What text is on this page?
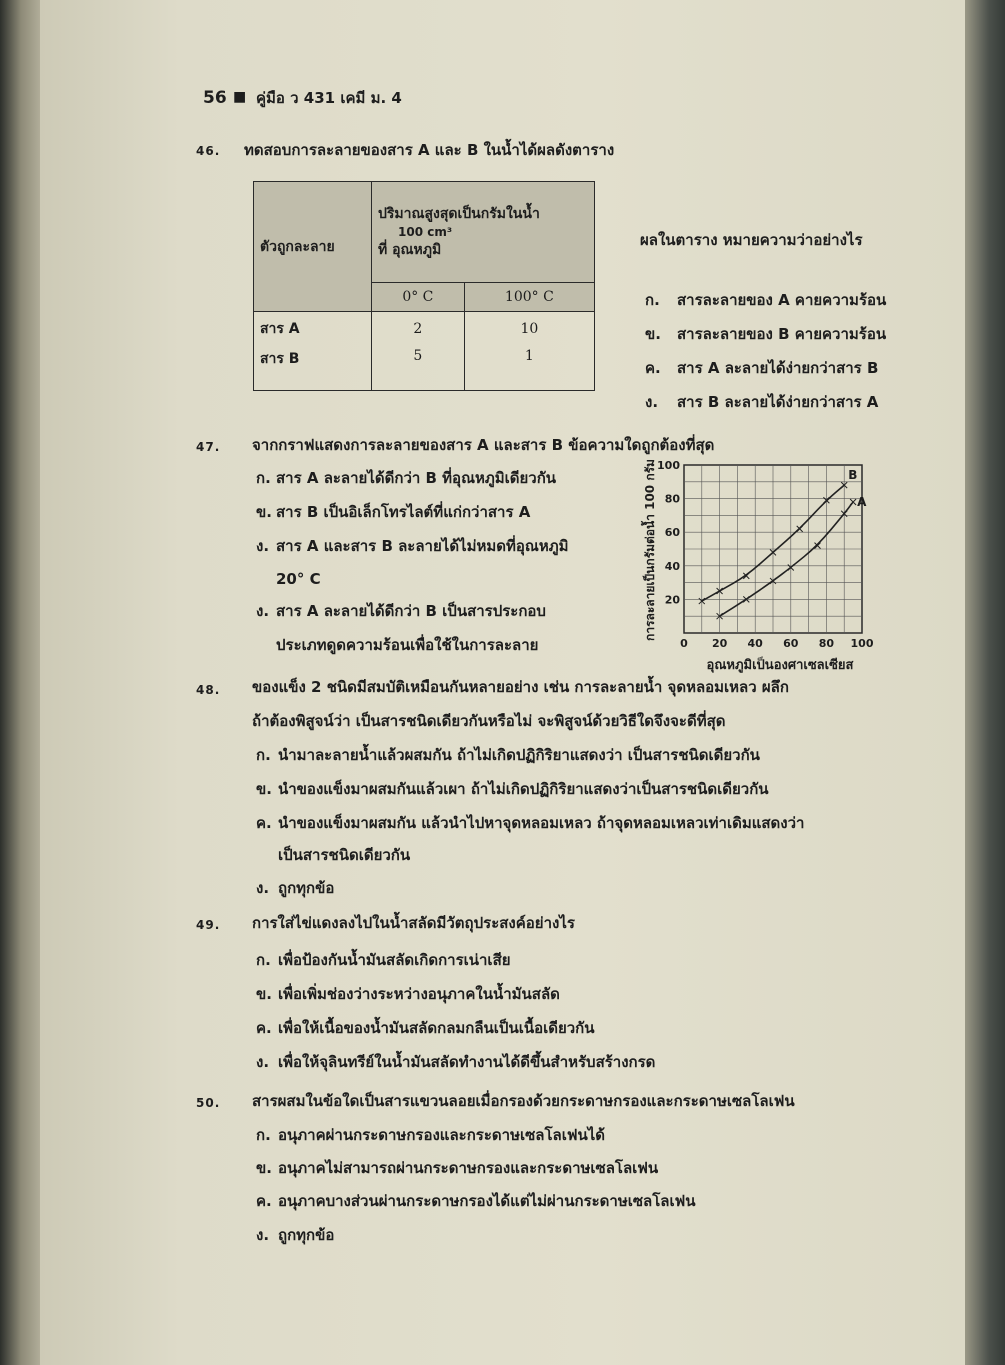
56 ■ คู่มือ ว 431 เคมี ม. 4
46. ทดสอบการละลายของสาร A และ B ในน้ำได้ผลดังตาราง
ตัวถูกละลาย	ปริมาณสูงสุดเป็นกรัมในน้ำ
100 cm³
ที่ อุณหภูมิ	

	0° C	100° C
สาร A	2	10
สาร B	5	1
ผลในตาราง หมายความว่าอย่างไร
ก. สารละลายของ A คายความร้อน
ข. สารละลายของ B คายความร้อน
ค. สาร A ละลายได้ง่ายกว่าสาร B
ง. สาร B ละลายได้ง่ายกว่าสาร A
47. จากกราฟแสดงการละลายของสาร A และสาร B ข้อความใดถูกต้องที่สุด
ก. สาร A ละลายได้ดีกว่า B ที่อุณหภูมิเดียวกัน
ข. สาร B เป็นอิเล็กโทรไลต์ที่แก่กว่าสาร A
ง. สาร A และสาร B ละลายได้ไม่หมดที่อุณหภูมิ
20° C
ง. สาร A ละลายได้ดีกว่า B เป็นสารประกอบ
ประเภทดูดความร้อนเพื่อใช้ในการละลาย	0 20 40 60 80 100
20
40
60
80
100
B
A
อุณหภูมิเป็นองศาเซลเซียส
การละลายเป็นกรัมต่อน้ำ 100 กรัม
48. ของแข็ง 2 ชนิดมีสมบัติเหมือนกันหลายอย่าง เช่น การละลายน้ำ จุดหลอมเหลว ผลึก
ถ้าต้องพิสูจน์ว่า เป็นสารชนิดเดียวกันหรือไม่ จะพิสูจน์ด้วยวิธีใดจึงจะดีที่สุด
ก. นำมาละลายน้ำแล้วผสมกัน ถ้าไม่เกิดปฏิกิริยาแสดงว่า เป็นสารชนิดเดียวกัน
ข. นำของแข็งมาผสมกันแล้วเผา ถ้าไม่เกิดปฏิกิริยาแสดงว่าเป็นสารชนิดเดียวกัน
ค. นำของแข็งมาผสมกัน แล้วนำไปหาจุดหลอมเหลว ถ้าจุดหลอมเหลวเท่าเดิมแสดงว่า
เป็นสารชนิดเดียวกัน
ง. ถูกทุกข้อ
49. การใส่ไข่แดงลงไปในน้ำสลัดมีวัตถุประสงค์อย่างไร
ก. เพื่อป้องกันน้ำมันสลัดเกิดการเน่าเสีย
ข. เพื่อเพิ่มช่องว่างระหว่างอนุภาคในน้ำมันสลัด
ค. เพื่อให้เนื้อของน้ำมันสลัดกลมกลืนเป็นเนื้อเดียวกัน
ง. เพื่อให้จุลินทรีย์ในน้ำมันสลัดทำงานได้ดีขึ้นสำหรับสร้างกรด
50. สารผสมในข้อใดเป็นสารแขวนลอยเมื่อกรองด้วยกระดาษกรองและกระดาษเซลโลเฟน
ก. อนุภาคผ่านกระดาษกรองและกระดาษเซลโลเฟนได้
ข. อนุภาคไม่สามารถผ่านกระดาษกรองและกระดาษเซลโลเฟน
ค. อนุภาคบางส่วนผ่านกระดาษกรองได้แต่ไม่ผ่านกระดาษเซลโลเฟน
ง. ถูกทุกข้อ
